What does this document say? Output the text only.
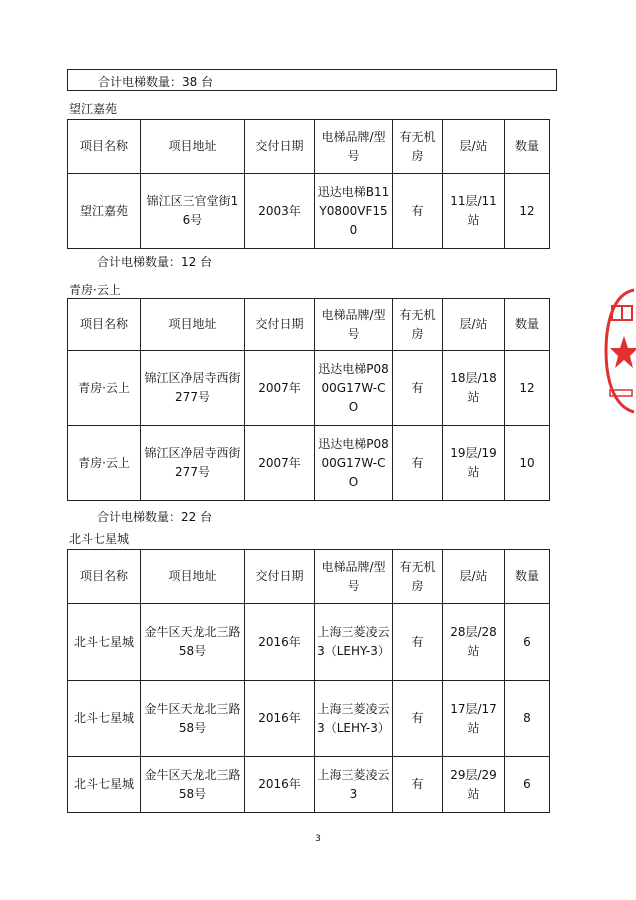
合计电梯数量：38 台
望江嘉苑
项目名称	项目地址	交付日期	电梯品牌/型号	有无机房	层/站	数量
望江嘉苑	锦江区三官堂街16号	2003年	迅达电梯B11Y0800VF150	有	11层/11站	12
合计电梯数量：12 台
青房·云上
项目名称	项目地址	交付日期	电梯品牌/型号	有无机房	层/站	数量
青房·云上	锦江区净居寺西街277号	2007年	迅达电梯P0800G17W-CO	有	18层/18站	12
青房·云上	锦江区净居寺西街277号	2007年	迅达电梯P0800G17W-CO	有	19层/19站	10
合计电梯数量：22 台
北斗七星城
项目名称	项目地址	交付日期	电梯品牌/型号	有无机房	层/站	数量
北斗七星城	金牛区天龙北三路58号	2016年	上海三菱凌云3（LEHY-3）	有	28层/28站	6
北斗七星城	金牛区天龙北三路58号	2016年	上海三菱凌云3（LEHY-3）	有	17层/17站	8
北斗七星城	金牛区天龙北三路58号	2016年	上海三菱凌云3	有	29层/29站	6
3
